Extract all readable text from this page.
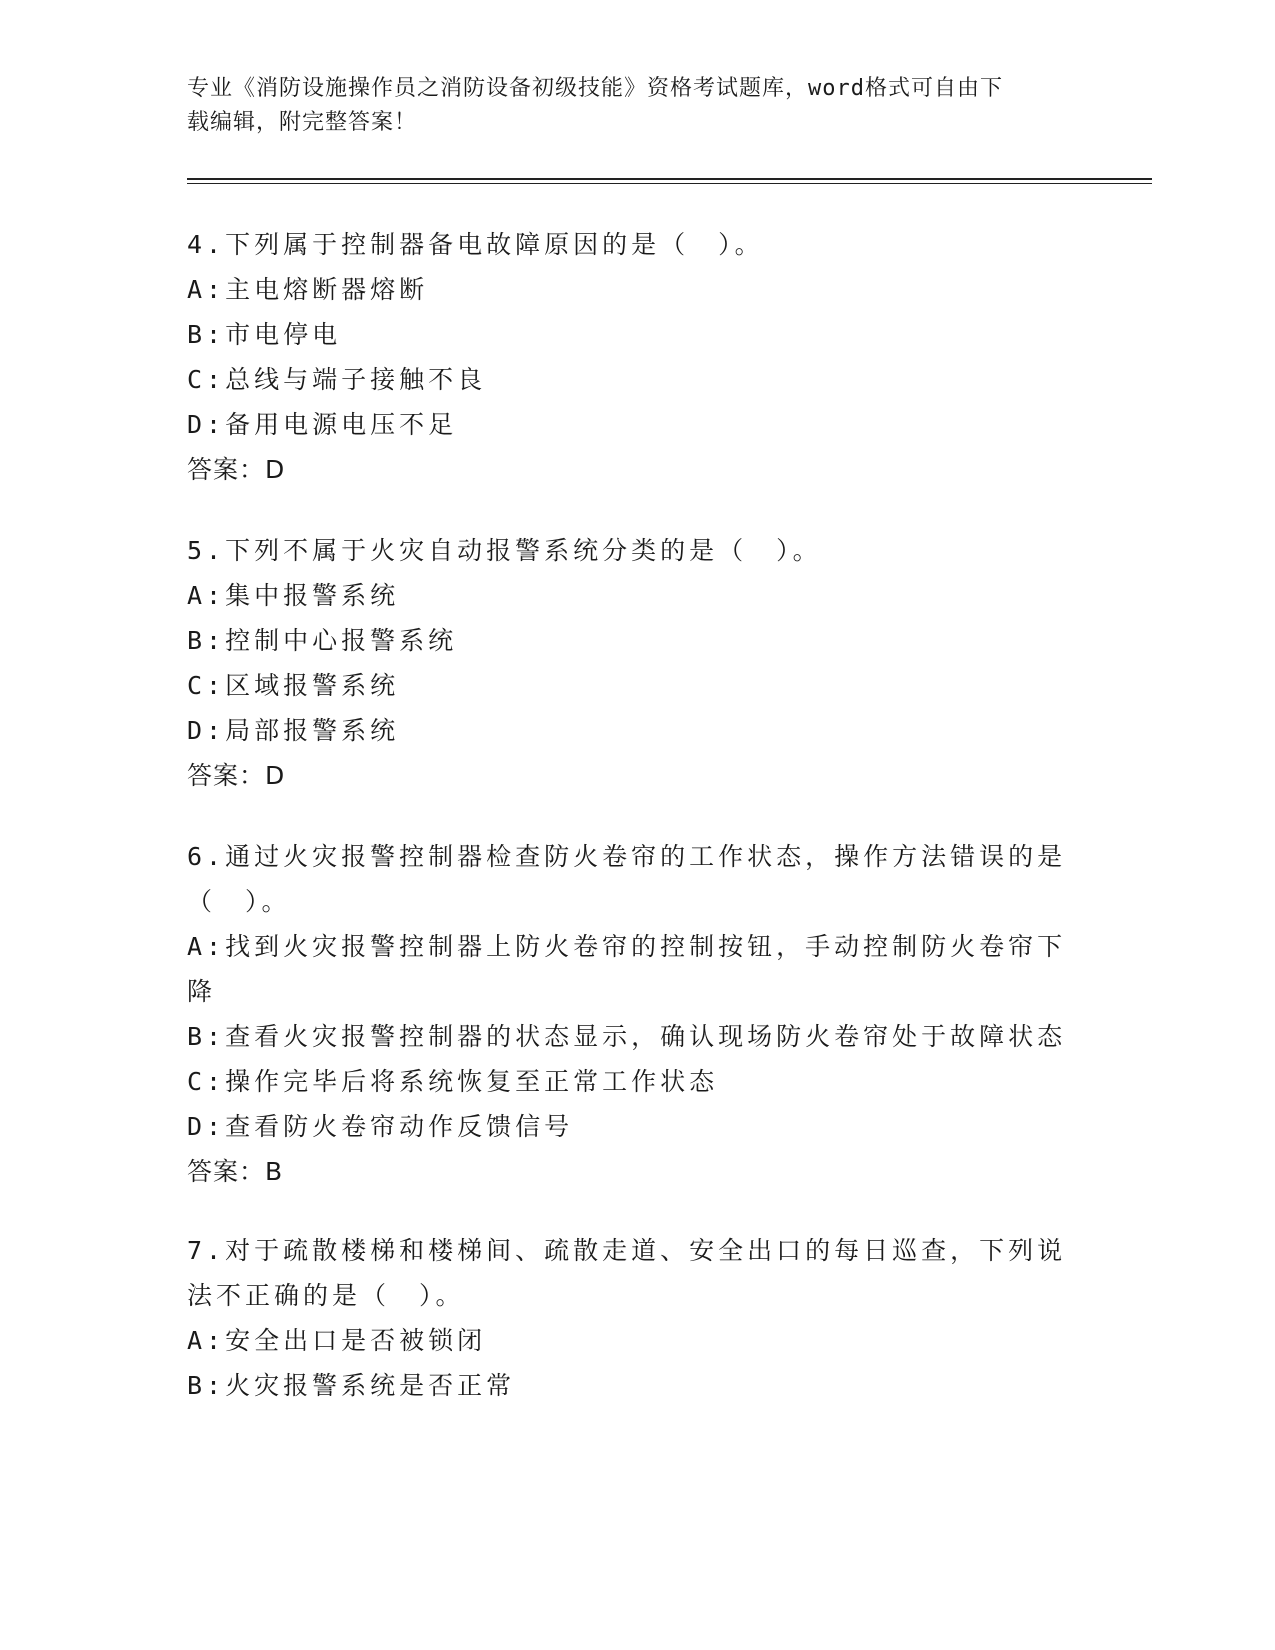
专业《消防设施操作员之消防设备初级技能》资格考试题库，word格式可自由下
载编辑，附完整答案！
4.下列属于控制器备电故障原因的是（　）。
A:主电熔断器熔断
B:市电停电
C:总线与端子接触不良
D:备用电源电压不足
答案：D
5.下列不属于火灾自动报警系统分类的是（　）。
A:集中报警系统
B:控制中心报警系统
C:区域报警系统
D:局部报警系统
答案：D
6.通过火灾报警控制器检查防火卷帘的工作状态，操作方法错误的是
（　）。
A:找到火灾报警控制器上防火卷帘的控制按钮，手动控制防火卷帘下
降
B:查看火灾报警控制器的状态显示，确认现场防火卷帘处于故障状态
C:操作完毕后将系统恢复至正常工作状态
D:查看防火卷帘动作反馈信号
答案：B
7.对于疏散楼梯和楼梯间、疏散走道、安全出口的每日巡查，下列说
法不正确的是（　）。
A:安全出口是否被锁闭
B:火灾报警系统是否正常
